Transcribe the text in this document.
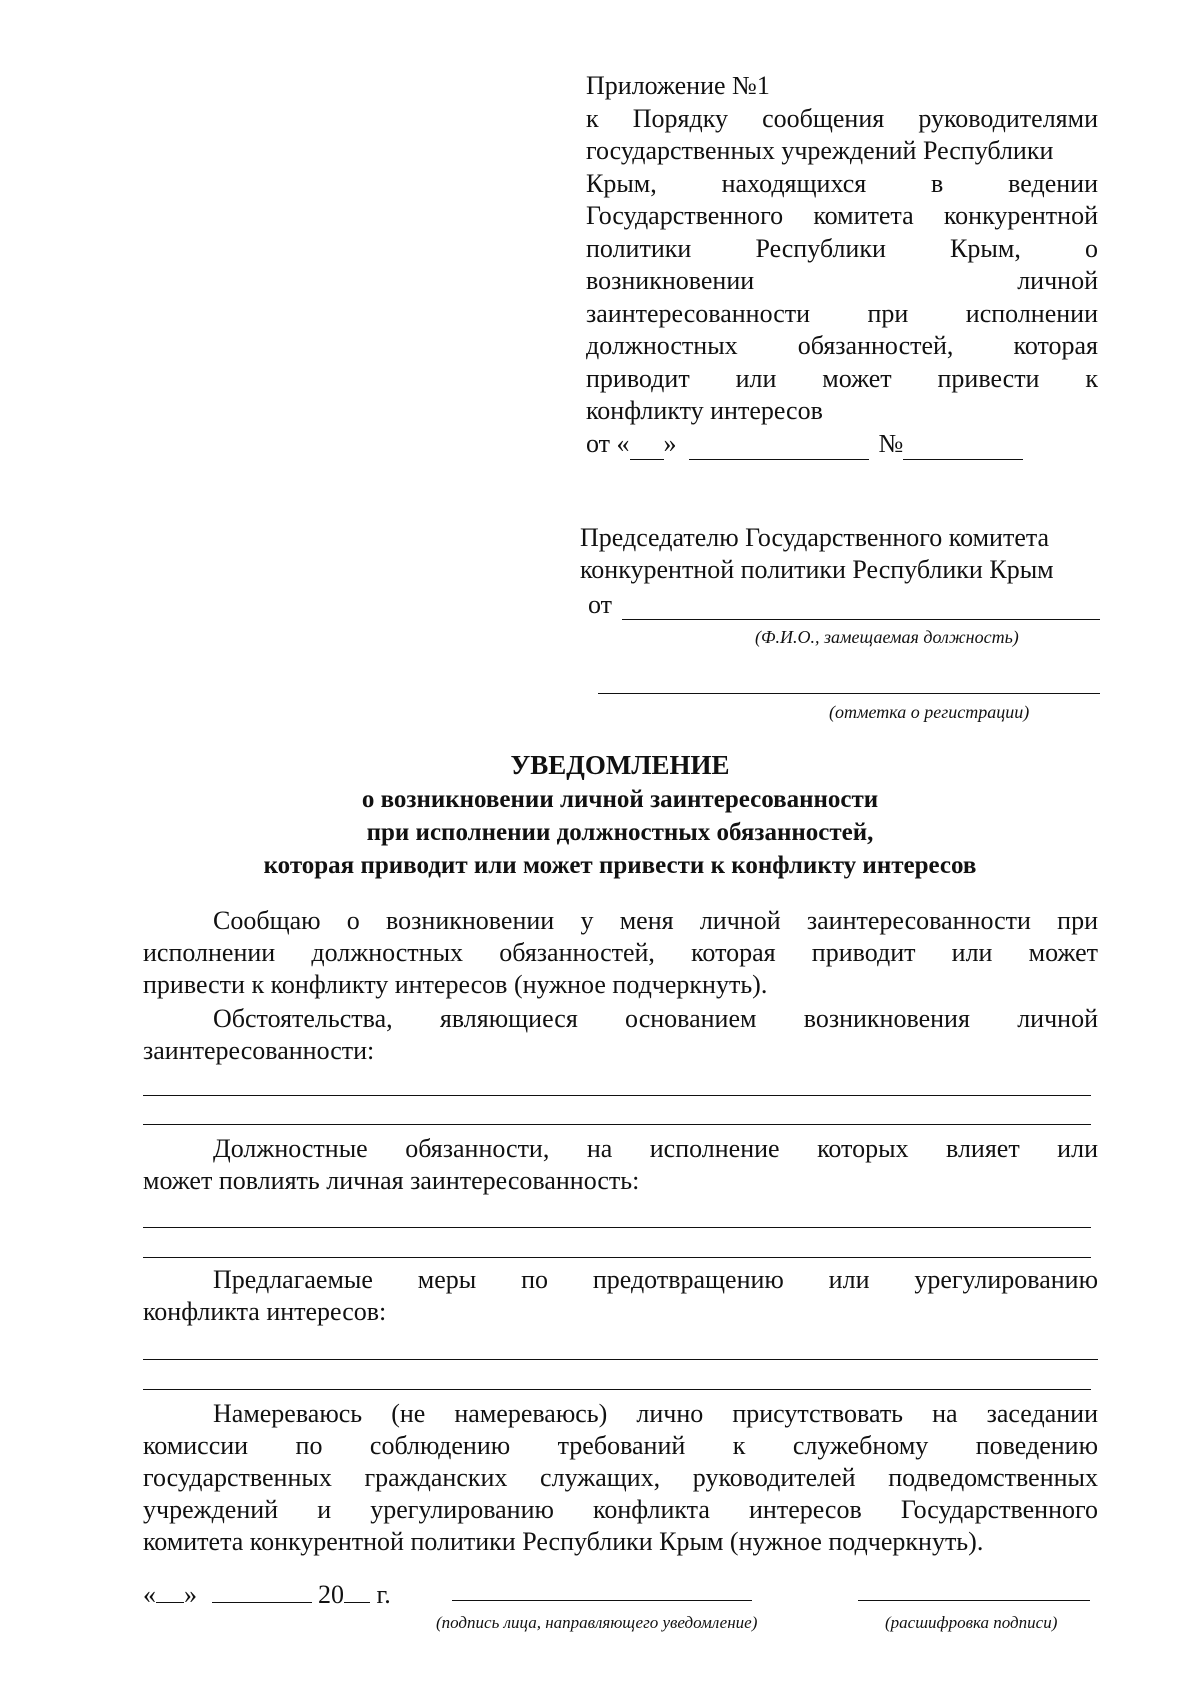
Приложение №1
к Порядку сообщения руководителями
государственных учреждений Республики
Крым, находящихся в ведении
Государственного комитета конкурентной
политики Республики Крым, о
возникновении личной
заинтересованности при исполнении
должностных обязанностей, которая
приводит или может привести к
конфликту интересов
от « »	№
Председателю Государственного комитета
конкурентной политики Республики Крым
от
(Ф.И.О., замещаемая должность)
(отметка о регистрации)
УВЕДОМЛЕНИЕ
о возникновении личной заинтересованности
при исполнении должностных обязанностей,
которая приводит или может привести к конфликту интересов
Сообщаю о возникновении у меня личной заинтересованности при
исполнении должностных обязанностей, которая приводит или может
привести к конфликту интересов (нужное подчеркнуть).
Обстоятельства, являющиеся основанием возникновения личной
заинтересованности:
Должностные обязанности, на исполнение которых влияет или
может повлиять личная заинтересованность:
Предлагаемые меры по предотвращению или урегулированию
конфликта интересов:
Намереваюсь (не намереваюсь) лично присутствовать на заседании
комиссии по соблюдению требований к служебному поведению
государственных гражданских служащих, руководителей подведомственных
учреждений и урегулированию конфликта интересов Государственного
комитета конкурентной политики Республики Крым (нужное подчеркнуть).
« »	20 г.
(подпись лица, направляющего уведомление)	(расшифровка подписи)
